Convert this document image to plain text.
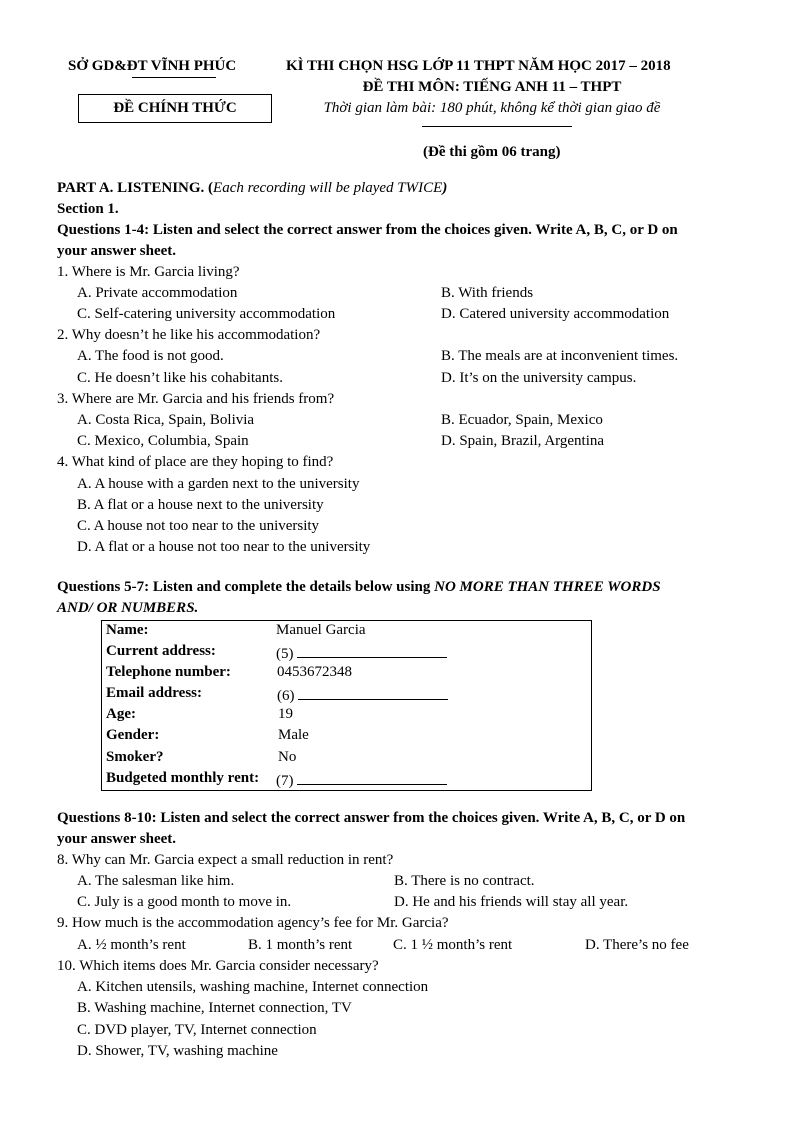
SỞ GD&ĐT VĨNH PHÚC
ĐỀ CHÍNH THỨC
KÌ THI CHỌN HSG LỚP 11 THPT NĂM HỌC 2017 – 2018
ĐỀ THI MÔN: TIẾNG ANH 11 – THPT
Thời gian làm bài: 180 phút, không kể thời gian giao đề
(Đề thi gồm 06 trang)
PART A. LISTENING. (Each recording will be played TWICE)
Section 1.
Questions 1-4: Listen and select the correct answer from the choices given. Write A, B, C, or D on
your answer sheet.
1. Where is Mr. Garcia living?
A. Private accommodation	B. With friends
C. Self-catering university accommodation	D. Catered university accommodation
2. Why doesn’t he like his accommodation?
A. The food is not good.	B. The meals are at inconvenient times.
C. He doesn’t like his cohabitants.	D. It’s on the university campus.
3. Where are Mr. Garcia and his friends from?
A. Costa Rica, Spain, Bolivia	B. Ecuador, Spain, Mexico
C. Mexico, Columbia, Spain	D. Spain, Brazil, Argentina
4. What kind of place are they hoping to find?
A. A house with a garden next to the university
B. A flat or a house next to the university
C. A house not too near to the university
D. A flat or a house not too near to the university
Questions 5-7: Listen and complete the details below using NO MORE THAN THREE WORDS
AND/ OR NUMBERS.
Name:	Manuel Garcia
Current address:	(5)
Telephone number:	0453672348
Email address:	(6)
Age:	19
Gender:	Male
Smoker?	No
Budgeted monthly rent: (7)
Questions 8-10: Listen and select the correct answer from the choices given. Write A, B, C, or D on
your answer sheet.
8. Why can Mr. Garcia expect a small reduction in rent?
A. The salesman like him.	B. There is no contract.
C. July is a good month to move in.	D. He and his friends will stay all year.
9. How much is the accommodation agency’s fee for Mr. Garcia?
A. ½ month’s rent	B. 1 month’s rent	C. 1 ½ month’s rent	D. There’s no fee
10. Which items does Mr. Garcia consider necessary?
A. Kitchen utensils, washing machine, Internet connection
B. Washing machine, Internet connection, TV
C. DVD player, TV, Internet connection
D. Shower, TV, washing machine
